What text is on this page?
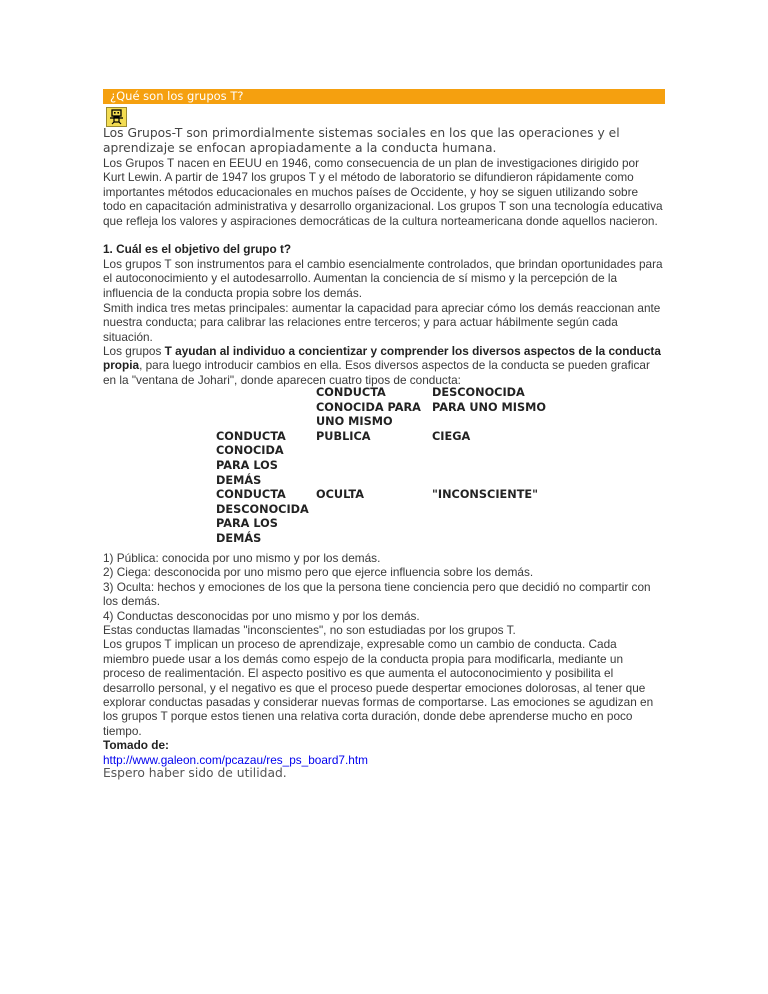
¿Qué son los grupos T?
Los Grupos-T son primordialmente sistemas sociales en los que las operaciones y el aprendizaje se enfocan apropiadamente a la conducta humana.
Los Grupos T nacen en EEUU en 1946, como consecuencia de un plan de investigaciones dirigido por Kurt Lewin. A partir de 1947 los grupos T y el método de laboratorio se difundieron rápidamente como importantes métodos educacionales en muchos países de Occidente, y hoy se siguen utilizando sobre todo en capacitación administrativa y desarrollo organizacional. Los grupos T son una tecnología educativa que refleja los valores y aspiraciones democráticas de la cultura norteamericana donde aquellos nacieron.
1. Cuál es el objetivo del grupo t?
Los grupos T son instrumentos para el cambio esencialmente controlados, que brindan oportunidades para el autoconocimiento y el autodesarrollo. Aumentan la conciencia de sí mismo y la percepción de la influencia de la conducta propia sobre los demás.
Smith indica tres metas principales: aumentar la capacidad para apreciar cómo los demás reaccionan ante nuestra conducta; para calibrar las relaciones entre terceros; y para actuar hábilmente según cada situación.
Los grupos T ayudan al individuo a concientizar y comprender los diversos aspectos de la conducta propia, para luego introducir cambios en ella. Esos diversos aspectos de la conducta se pueden graficar en la "ventana de Johari", donde aparecen cuatro tipos de conducta:
	CONDUCTA CONOCIDA PARA UNO MISMO	DESCONOCIDA PARA UNO MISMO
CONDUCTA CONOCIDA PARA LOS DEMÁS	PUBLICA	CIEGA
CONDUCTA DESCONOCIDA PARA LOS DEMÁS	OCULTA	"INCONSCIENTE"
1) Pública: conocida por uno mismo y por los demás.
2) Ciega: desconocida por uno mismo pero que ejerce influencia sobre los demás.
3) Oculta: hechos y emociones de los que la persona tiene conciencia pero que decidió no compartir con los demás.
4) Conductas desconocidas por uno mismo y por los demás.
Estas conductas llamadas "inconscientes", no son estudiadas por los grupos T.
Los grupos T implican un proceso de aprendizaje, expresable como un cambio de conducta. Cada miembro puede usar a los demás como espejo de la conducta propia para modificarla, mediante un proceso de realimentación. El aspecto positivo es que aumenta el autoconocimiento y posibilita el desarrollo personal, y el negativo es que el proceso puede despertar emociones dolorosas, al tener que explorar conductas pasadas y considerar nuevas formas de comportarse. Las emociones se agudizan en los grupos T porque estos tienen una relativa corta duración, donde debe aprenderse mucho en poco tiempo.
Tomado de:
http://www.galeon.com/pcazau/res_ps_board7.htm
Espero haber sido de utilidad.
